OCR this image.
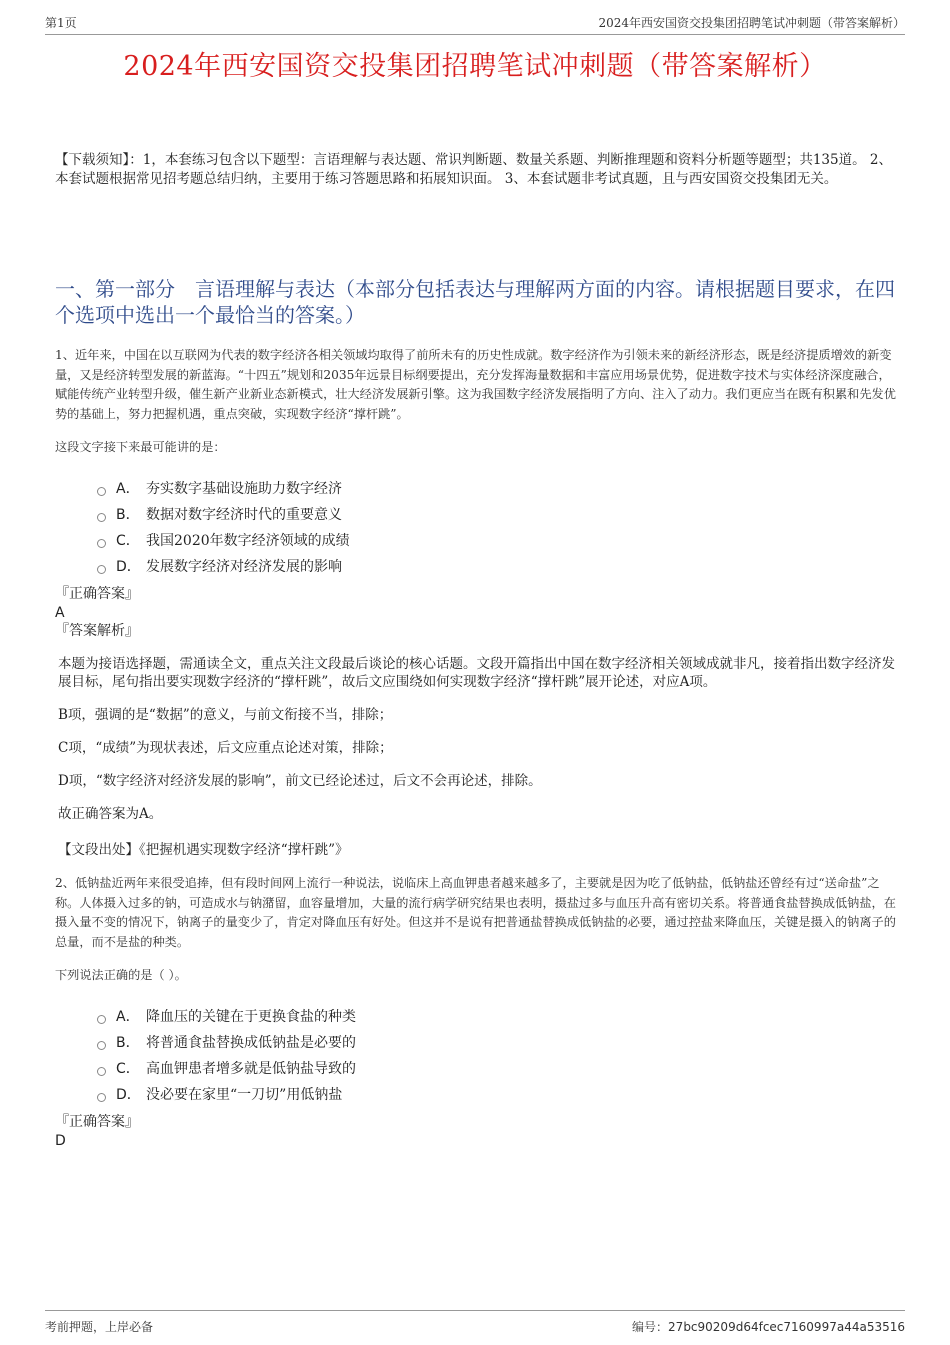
第1页	2024年西安国资交投集团招聘笔试冲刺题（带答案解析）
2024年西安国资交投集团招聘笔试冲刺题（带答案解析）
【下载须知】：1，本套练习包含以下题型：言语理解与表达题、常识判断题、数量关系题、判断推理题和资料分析题等题型；共135道。 2、本套试题根据常见招考题总结归纳，主要用于练习答题思路和拓展知识面。 3、本套试题非考试真题，且与西安国资交投集团无关。
一、第一部分　言语理解与表达（本部分包括表达与理解两方面的内容。请根据题目要求，在四个选项中选出一个最恰当的答案。）
1、近年来，中国在以互联网为代表的数字经济各相关领域均取得了前所未有的历史性成就。数字经济作为引领未来的新经济形态，既是经济提质增效的新变量，又是经济转型发展的新蓝海。“十四五”规划和2035年远景目标纲要提出，充分发挥海量数据和丰富应用场景优势，促进数字技术与实体经济深度融合，赋能传统产业转型升级，催生新产业新业态新模式，壮大经济发展新引擎。这为我国数字经济发展指明了方向、注入了动力。我们更应当在既有积累和先发优势的基础上，努力把握机遇，重点突破，实现数字经济“撑杆跳”。
这段文字接下来最可能讲的是：
A． 夯实数字基础设施助力数字经济
B． 数据对数字经济时代的重要意义
C． 我国2020年数字经济领域的成绩
D． 发展数字经济对经济发展的影响
『正确答案』
A
『答案解析』

本题为接语选择题，需通读全文，重点关注文段最后谈论的核心话题。文段开篇指出中国在数字经济相关领域成就非凡，接着指出数字经济发展目标，尾句指出要实现数字经济的“撑杆跳”，故后文应围绕如何实现数字经济“撑杆跳”展开论述，对应A项。

B项，强调的是“数据”的意义，与前文衔接不当，排除；

C项，“成绩”为现状表述，后文应重点论述对策，排除；

D项，“数字经济对经济发展的影响”，前文已经论述过，后文不会再论述，排除。

故正确答案为A。

【文段出处】《把握机遇实现数字经济“撑杆跳”》
2、低钠盐近两年来很受追捧，但有段时间网上流行一种说法，说临床上高血钾患者越来越多了，主要就是因为吃了低钠盐，低钠盐还曾经有过“送命盐”之称。人体摄入过多的钠，可造成水与钠潴留，血容量增加，大量的流行病学研究结果也表明，摄盐过多与血压升高有密切关系。将普通食盐替换成低钠盐，在摄入量不变的情况下，钠离子的量变少了，肯定对降血压有好处。但这并不是说有把普通盐替换成低钠盐的必要，通过控盐来降血压，关键是摄入的钠离子的总量，而不是盐的种类。
下列说法正确的是（ ）。
A． 降血压的关键在于更换食盐的种类
B． 将普通食盐替换成低钠盐是必要的
C． 高血钾患者增多就是低钠盐导致的
D． 没必要在家里“一刀切”用低钠盐
『正确答案』
D
考前押题，上岸必备	编号：27bc90209d64fcec7160997a44a53516
